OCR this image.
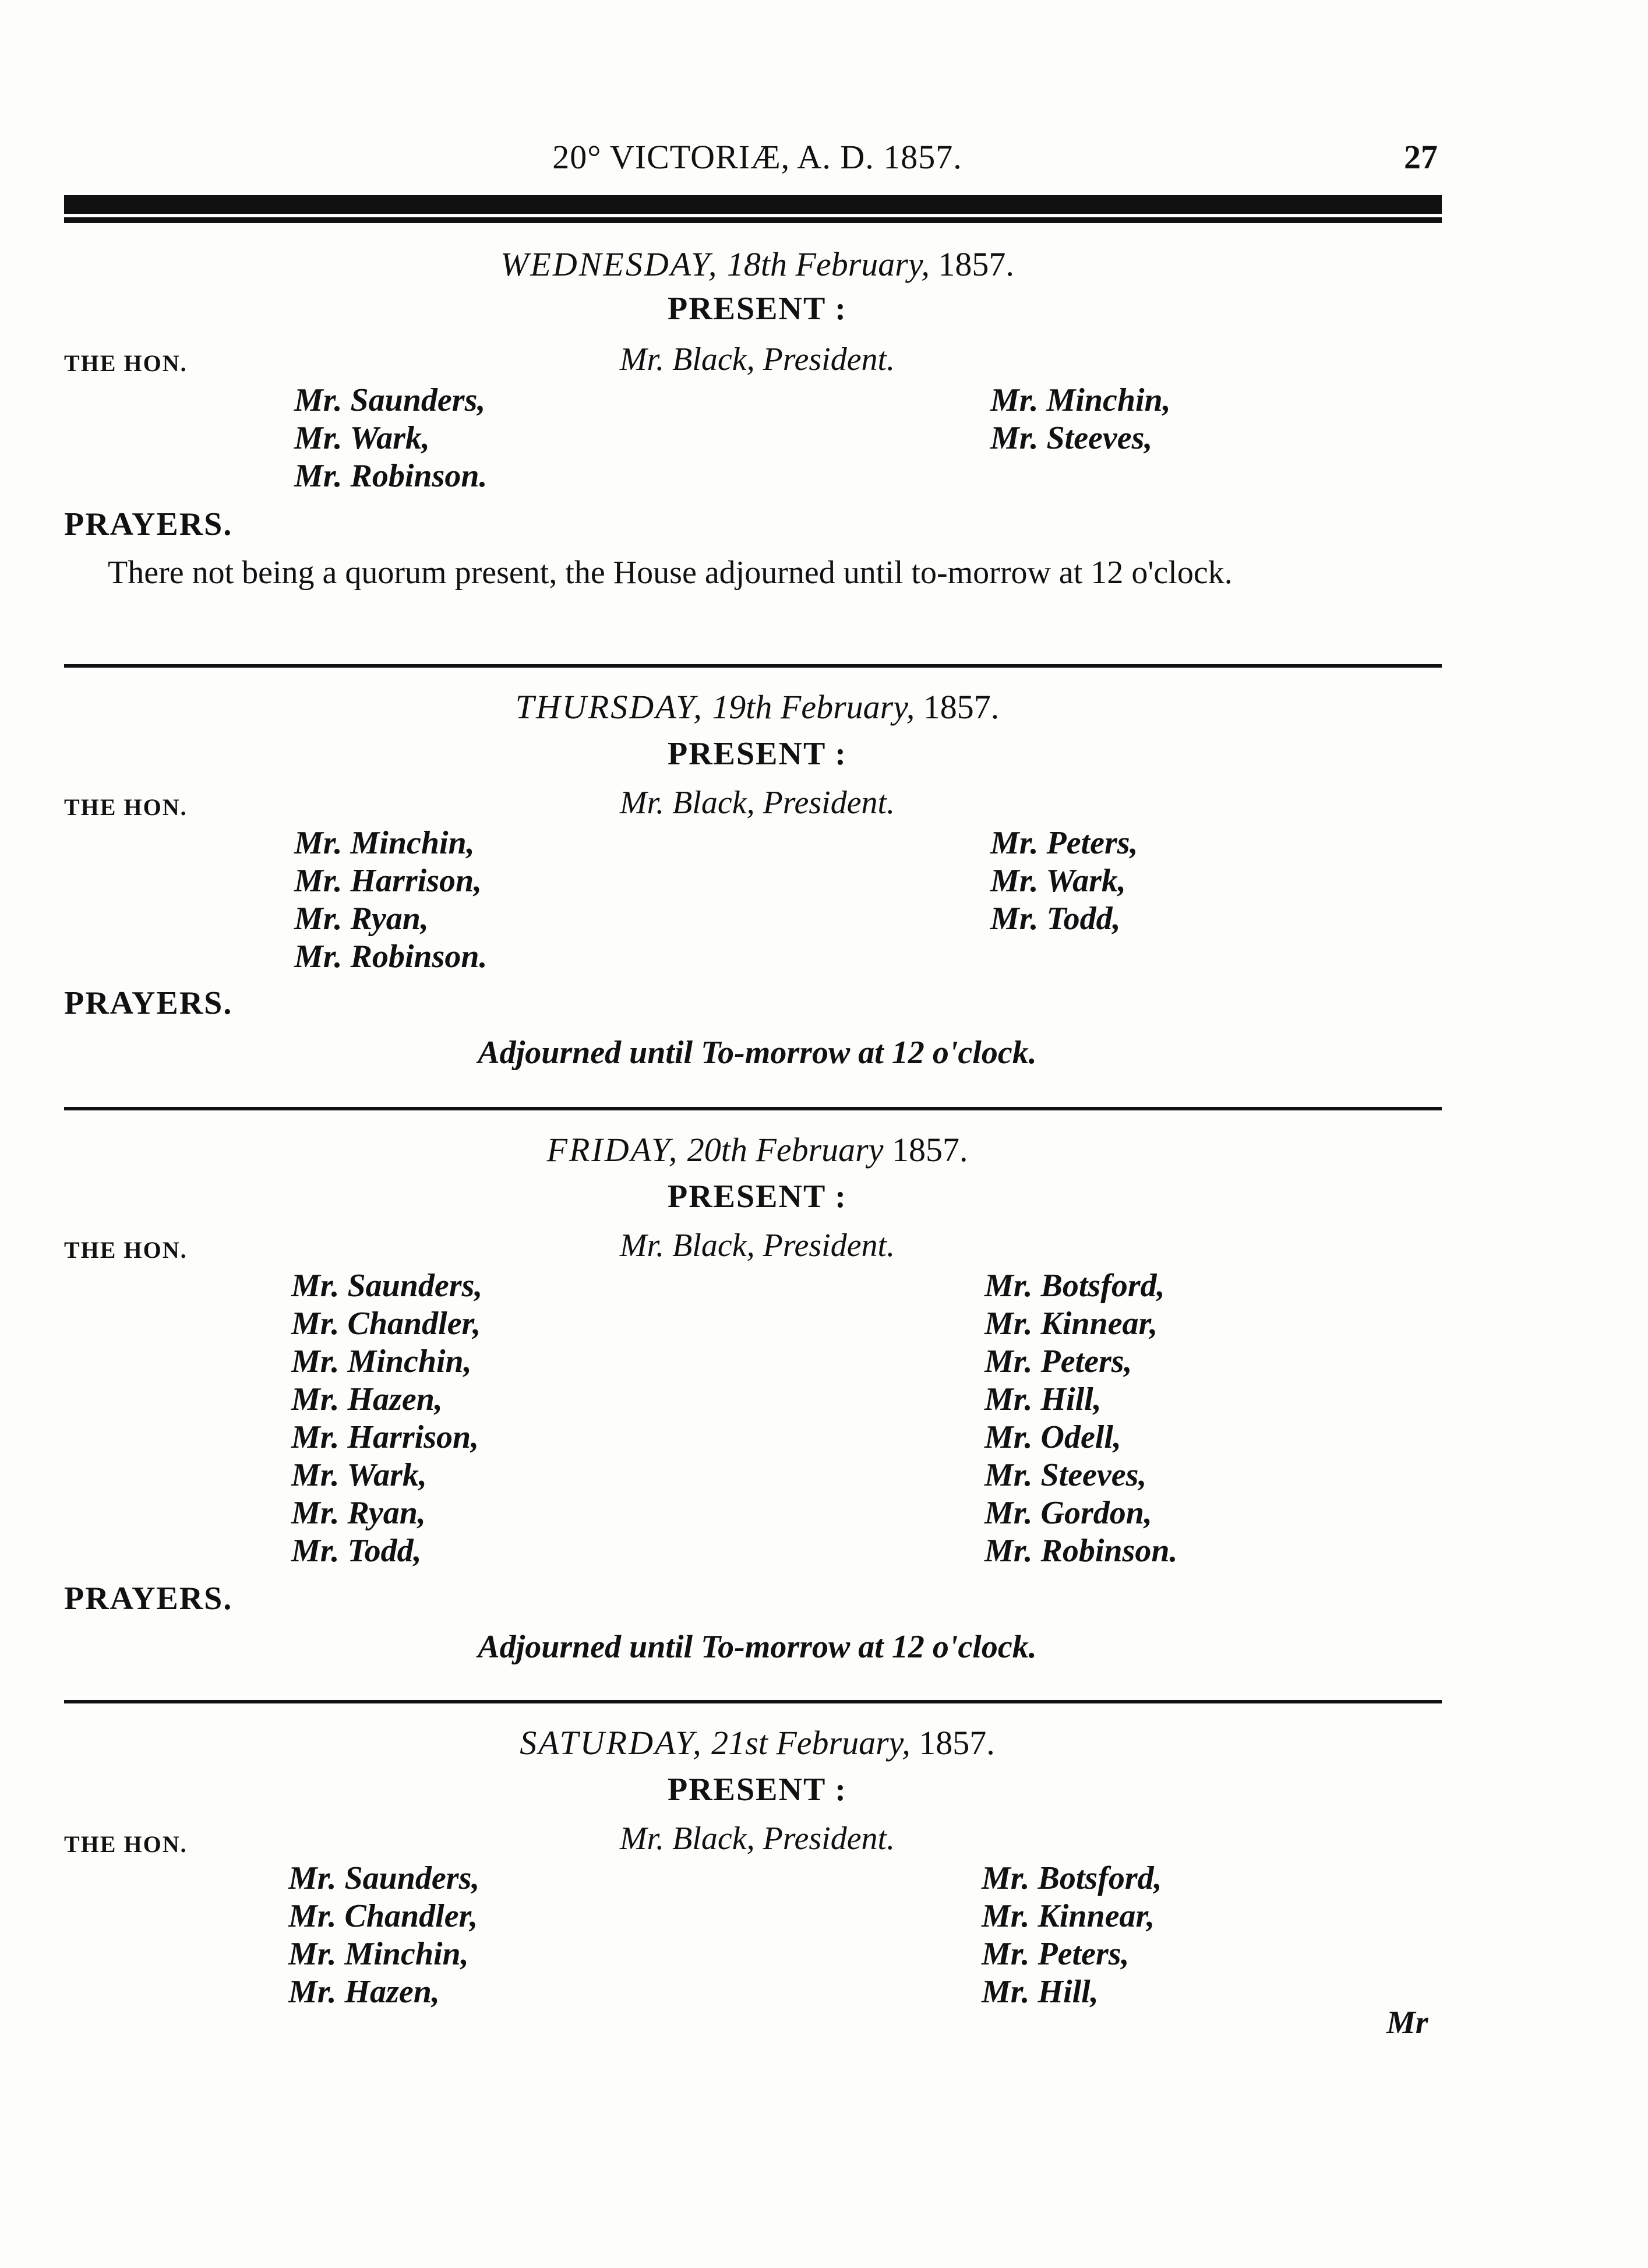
20° VICTORIÆ, A. D. 1857.	27
WEDNESDAY, 18th February, 1857.
PRESENT :
THE HON.	Mr. Black, President.
Mr. Saunders,
Mr. Wark,
Mr. Robinson.
Mr. Minchin,
Mr. Steeves,
PRAYERS.
There not being a quorum present, the House adjourned until to-morrow at 12 o'clock.
THURSDAY, 19th February, 1857.
PRESENT :
THE HON.	Mr. Black, President.
Mr. Minchin,
Mr. Harrison,
Mr. Ryan,
Mr. Robinson.
Mr. Peters,
Mr. Wark,
Mr. Todd,
PRAYERS.
Adjourned until To-morrow at 12 o'clock.
FRIDAY, 20th February 1857.
PRESENT :
THE HON.	Mr. Black, President.
Mr. Saunders,
Mr. Chandler,
Mr. Minchin,
Mr. Hazen,
Mr. Harrison,
Mr. Wark,
Mr. Ryan,
Mr. Todd,
Mr. Botsford,
Mr. Kinnear,
Mr. Peters,
Mr. Hill,
Mr. Odell,
Mr. Steeves,
Mr. Gordon,
Mr. Robinson.
PRAYERS.
Adjourned until To-morrow at 12 o'clock.
SATURDAY, 21st February, 1857.
PRESENT :
THE HON.	Mr. Black, President.
Mr. Saunders,
Mr. Chandler,
Mr. Minchin,
Mr. Hazen,
Mr. Botsford,
Mr. Kinnear,
Mr. Peters,
Mr. Hill,
Mr
